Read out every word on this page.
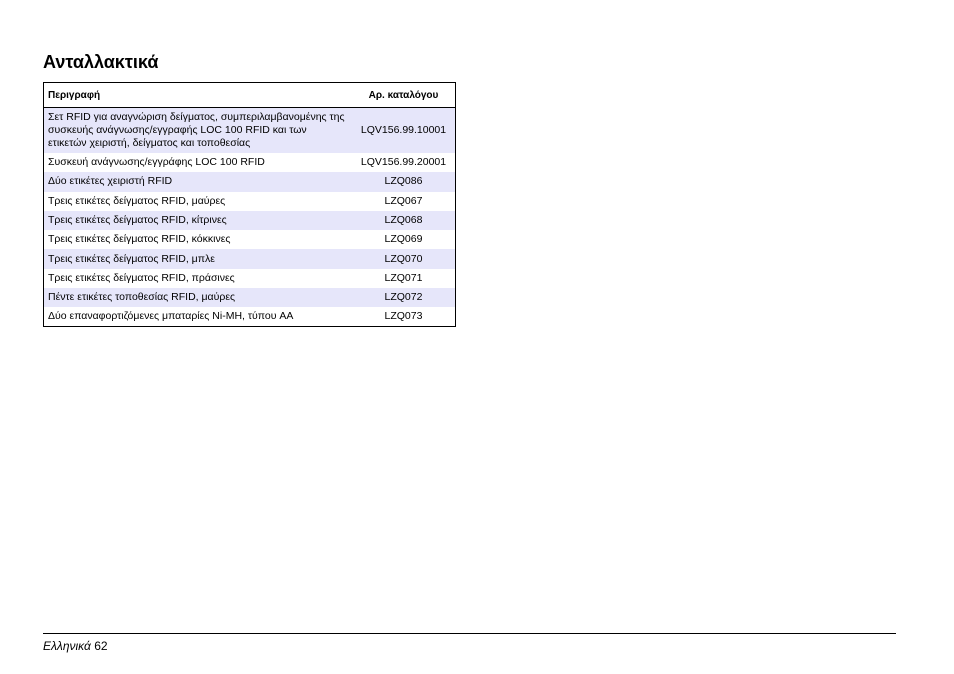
Ανταλλακτικά
Περιγραφή	Αρ. καταλόγου
Σετ RFID για αναγνώριση δείγματος, συμπεριλαμβανομένης της συσκευής ανάγνωσης/εγγραφής LOC 100 RFID και των ετικετών χειριστή, δείγματος και τοποθεσίας	LQV156.99.10001
Συσκευή ανάγνωσης/εγγράφης LOC 100 RFID	LQV156.99.20001
Δύο ετικέτες χειριστή RFID	LZQ086
Τρεις ετικέτες δείγματος RFID, μαύρες	LZQ067
Τρεις ετικέτες δείγματος RFID, κίτρινες	LZQ068
Τρεις ετικέτες δείγματος RFID, κόκκινες	LZQ069
Τρεις ετικέτες δείγματος RFID, μπλε	LZQ070
Τρεις ετικέτες δείγματος RFID, πράσινες	LZQ071
Πέντε ετικέτες τοποθεσίας RFID, μαύρες	LZQ072
Δύο επαναφορτιζόμενες μπαταρίες Ni-MH, τύπου AA	LZQ073
Ελληνικά 62
